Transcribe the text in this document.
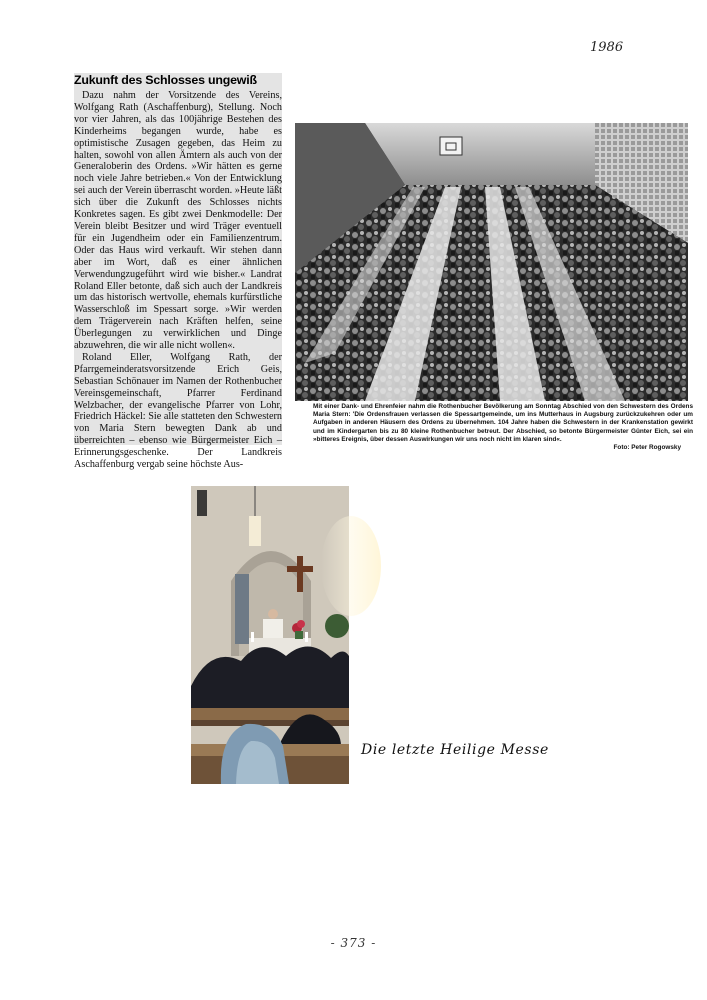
1986
Zukunft des Schlosses ungewiß

Dazu nahm der Vorsitzende des Vereins, Wolfgang Rath (Aschaffenburg), Stellung. Noch vor vier Jahren, als das 100jährige Bestehen des Kinderheims begangen wurde, habe es optimistische Zusagen gegeben, das Heim zu halten, sowohl von allen Ämtern als auch von der Generaloberin des Ordens. »Wir hätten es gerne noch viele Jahre betrieben.« Von der Entwicklung sei auch der Verein überrascht worden. »Heute läßt sich über die Zukunft des Schlosses nichts Konkretes sagen. Es gibt zwei Denkmodelle: Der Verein bleibt Besitzer und wird Träger eventuell für ein Jugendheim oder ein Familienzentrum. Oder das Haus wird verkauft. Wir stehen dann aber im Wort, daß es einer ähnlichen Verwendungzugeführt wird wie bisher.« Landrat Roland Eller betonte, daß sich auch der Landkreis um das historisch wertvolle, ehemals kurfürstliche Wasserschloß im Spessart sorge. »Wir werden dem Trägerverein nach Kräften helfen, seine Überlegungen zu verwirklichen und Dinge abzuwehren, die wir alle nicht wollen«.

Roland Eller, Wolfgang Rath, der Pfarrgemeinderatsvorsitzende Erich Geis, Sebastian Schönauer im Namen der Rothenbucher Vereinsgemeinschaft, Pfarrer Ferdinand Welzbacher, der evangelische Pfarrer von Lohr, Friedrich Häckel: Sie alle statteten den Schwestern von Maria Stern bewegten Dank ab und überreichten – ebenso wie Bürgermeister Eich – Erinnerungsgeschenke. Der Landkreis Aschaffenburg vergab seine höchste Aus-

Mit einer Dank- und Ehrenfeier nahm die Rothenbucher Bevölkerung am Sonntag Abschied von den Schwestern des Ordens Maria Stern: 'Die Ordensfrauen verlassen die Spessartgemeinde, um ins Mutterhaus in Augsburg zurückzukehren oder um Aufgaben in anderen Häusern des Ordens zu übernehmen. 104 Jahre haben die Schwestern in der Krankenstation gewirkt und im Kindergarten bis zu 80 kleine Rothenbucher betreut. Der Abschied, so betonte Bürgermeister Günter Eich, sei ein »bitteres Ereignis, über dessen Auswirkungen wir uns noch nicht im klaren sind«.
Foto: Peter Rogowsky
Die letzte Heilige Messe
- 373 -
